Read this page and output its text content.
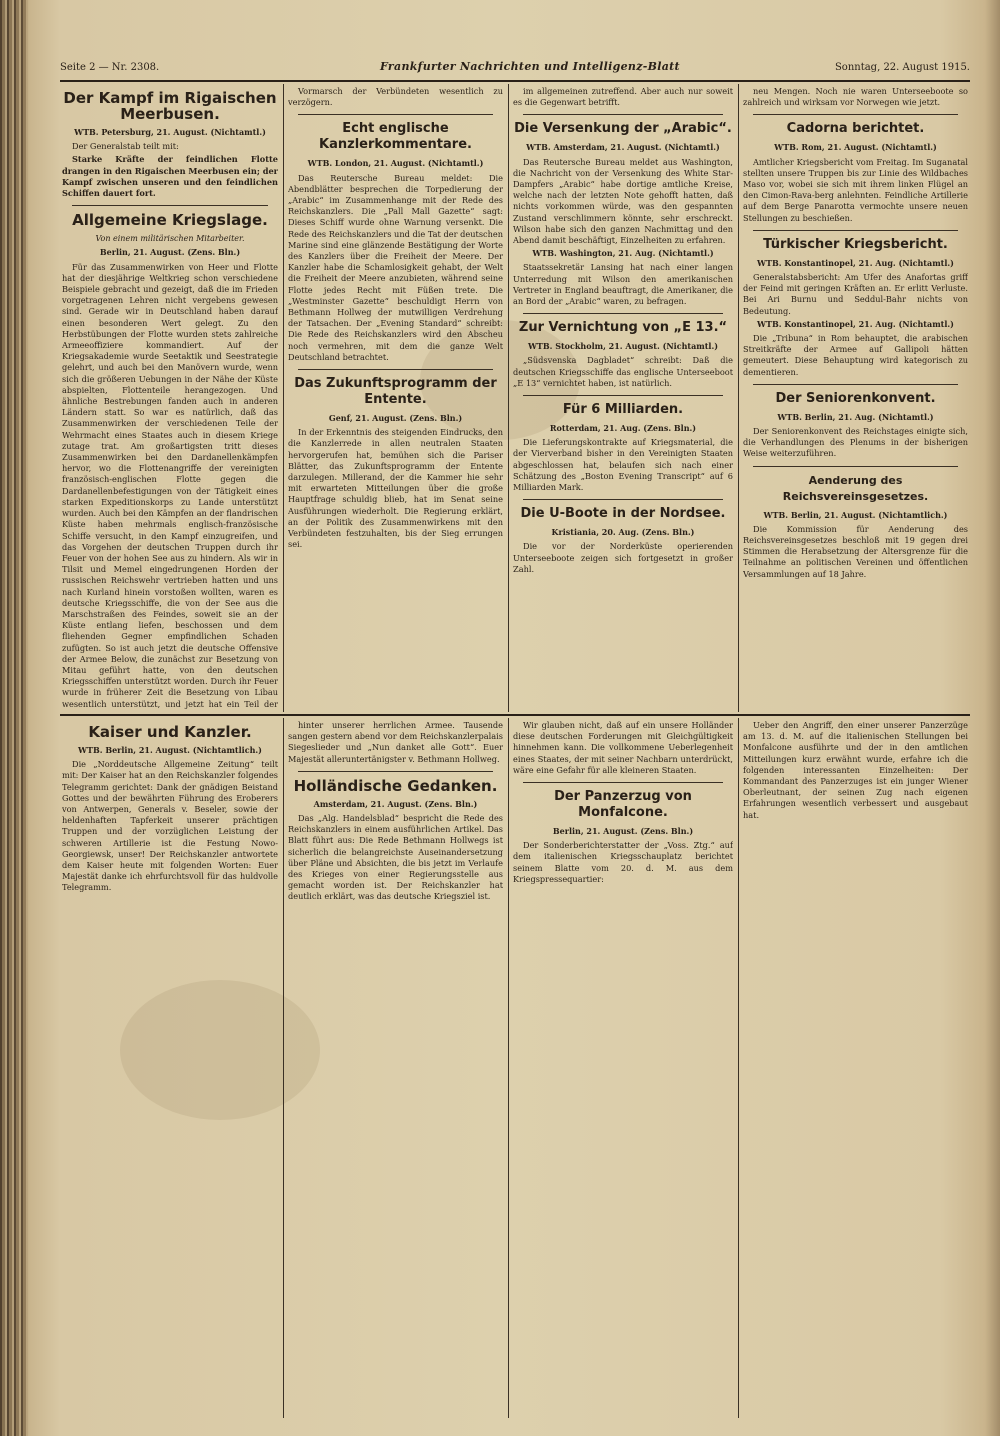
Seite 2 — Nr. 2308.	Frankfurter Nachrichten und Intelligenz-Blatt	Sonntag, 22. August 1915.
Der Kampf im Rigaischen Meerbusen.
WTB. Petersburg, 21. August. (Nichtamtl.)

Der Generalstab teilt mit:

Starke Kräfte der feindlichen Flotte drangen in den Rigaischen Meerbusen ein; der Kampf zwischen unseren und den feindlichen Schiffen dauert fort.

Allgemeine Kriegslage.
Von einem militärischen Mitarbeiter.
Berlin, 21. August. (Zens. Bln.)

Für das Zusammenwirken von Heer und Flotte hat der diesjährige Weltkrieg schon verschiedene Beispiele gebracht und gezeigt, daß die im Frieden vorgetragenen Lehren nicht vergebens gewesen sind. Gerade wir in Deutschland haben darauf einen besonderen Wert gelegt. Zu den Herbstübungen der Flotte wurden stets zahlreiche Armeeoffiziere kommandiert. Auf der Kriegsakademie wurde Seetaktik und Seestrategie gelehrt, und auch bei den Manövern wurde, wenn sich die größeren Uebungen in der Nähe der Küste abspielten, Flottenteile herangezogen. Und ähnliche Bestrebungen fanden auch in anderen Ländern statt. So war es natürlich, daß das Zusammenwirken der verschiedenen Teile der Wehrmacht eines Staates auch in diesem Kriege zutage trat. Am großartigsten tritt dieses Zusammenwirken bei den Dardanellenkämpfen hervor, wo die Flottenangriffe der vereinigten französisch-englischen Flotte gegen die Dardanellenbefestigungen von der Tätigkeit eines starken Expeditionskorps zu Lande unterstützt wurden. Auch bei den Kämpfen an der flandrischen Küste haben mehrmals englisch-französische Schiffe versucht, in den Kampf einzugreifen, und das Vorgehen der deutschen Truppen durch ihr Feuer von der hohen See aus zu hindern. Als wir in Tilsit und Memel eingedrungenen Horden der russischen Reichswehr vertrieben hatten und uns nach Kurland hinein vorstoßen wollten, waren es deutsche Kriegsschiffe, die von der See aus die Marschstraßen des Feindes, soweit sie an der Küste entlang liefen, beschossen und dem fliehenden Gegner empfindlichen Schaden zufügten. So ist auch jetzt die deutsche Offensive der Armee Below, die zunächst zur Besetzung von Mitau geführt hatte, von den deutschen Kriegsschiffen unterstützt worden. Durch ihr Feuer wurde in früherer Zeit die Besetzung von Libau wesentlich unterstützt, und jetzt hat ein Teil der

Vormarsch der Verbündeten wesentlich zu verzögern.

Echt englische Kanzlerkommentare.
WTB. London, 21. August. (Nichtamtl.)

Das Reutersche Bureau meldet: Die Abendblätter besprechen die Torpedierung der „Arabic“ im Zusammenhange mit der Rede des Reichskanzlers. Die „Pall Mall Gazette“ sagt: Dieses Schiff wurde ohne Warnung versenkt. Die Rede des Reichskanzlers und die Tat der deutschen Marine sind eine glänzende Bestätigung der Worte des Kanzlers über die Freiheit der Meere. Der Kanzler habe die Schamlosigkeit gehabt, der Welt die Freiheit der Meere anzubieten, während seine Flotte jedes Recht mit Füßen trete. Die „Westminster Gazette“ beschuldigt Herrn von Bethmann Hollweg der mutwilligen Verdrehung der Tatsachen. Der „Evening Standard“ schreibt: Die Rede des Reichskanzlers wird den Abscheu noch vermehren, mit dem die ganze Welt Deutschland betrachtet.

Das Zukunftsprogramm der Entente.
Genf, 21. August. (Zens. Bln.)

In der Erkenntnis des steigenden Eindrucks, den die Kanzlerrede in allen neutralen Staaten hervorgerufen hat, bemühen sich die Pariser Blätter, das Zukunftsprogramm der Entente darzulegen. Millerand, der die Kammer hie sehr mit erwarteten Mitteilungen über die große Hauptfrage schuldig blieb, hat im Senat seine Ausführungen wiederholt. Die Regierung erklärt, an der Politik des Zusammenwirkens mit den Verbündeten festzuhalten, bis der Sieg errungen sei.

im allgemeinen zutreffend. Aber auch nur soweit es die Gegenwart betrifft.

Die Versenkung der „Arabic“.
WTB. Amsterdam, 21. August. (Nichtamtl.)

Das Reutersche Bureau meldet aus Washington, die Nachricht von der Versenkung des White Star-Dampfers „Arabic“ habe dortige amtliche Kreise, welche nach der letzten Note gehofft hatten, daß nichts vorkommen würde, was den gespannten Zustand verschlimmern könnte, sehr erschreckt. Wilson habe sich den ganzen Nachmittag und den Abend damit beschäftigt, Einzelheiten zu erfahren.

WTB. Washington, 21. Aug. (Nichtamtl.)

Staatssekretär Lansing hat nach einer langen Unterredung mit Wilson den amerikanischen Vertreter in England beauftragt, die Amerikaner, die an Bord der „Arabic“ waren, zu befragen.

Zur Vernichtung von „E 13.“
WTB. Stockholm, 21. August. (Nichtamtl.)

„Südsvenska Dagbladet“ schreibt: Daß die deutschen Kriegsschiffe das englische Unterseeboot „E 13“ vernichtet haben, ist natürlich.

Für 6 Milliarden.
Rotterdam, 21. Aug. (Zens. Bln.)

Die Lieferungskontrakte auf Kriegsmaterial, die der Vierverband bisher in den Vereinigten Staaten abgeschlossen hat, belaufen sich nach einer Schätzung des „Boston Evening Transcript“ auf 6 Milliarden Mark.

Die U-Boote in der Nordsee.
Kristiania, 20. Aug. (Zens. Bln.)

Die vor der Norderküste operierenden Unterseeboote zeigen sich fortgesetzt in großer Zahl.

neu Mengen. Noch nie waren Unterseeboote so zahlreich und wirksam vor Norwegen wie jetzt.

Cadorna berichtet.
WTB. Rom, 21. August. (Nichtamtl.)

Amtlicher Kriegsbericht vom Freitag. Im Suganatal stellten unsere Truppen bis zur Linie des Wildbaches Maso vor, wobei sie sich mit ihrem linken Flügel an den Cimon-Rava-berg anlehnten. Feindliche Artillerie auf dem Berge Panarotta vermochte unsere neuen Stellungen zu beschießen.

Türkischer Kriegsbericht.
WTB. Konstantinopel, 21. Aug. (Nichtamtl.)

Generalstabsbericht: Am Ufer des Anafortas griff der Feind mit geringen Kräften an. Er erlitt Verluste. Bei Ari Burnu und Seddul-Bahr nichts von Bedeutung.

WTB. Konstantinopel, 21. Aug. (Nichtamtl.)

Die „Tribuna“ in Rom behauptet, die arabischen Streitkräfte der Armee auf Gallipoli hätten gemeutert. Diese Behauptung wird kategorisch zu dementieren.

Der Seniorenkonvent.
WTB. Berlin, 21. Aug. (Nichtamtl.)

Der Seniorenkonvent des Reichstages einigte sich, die Verhandlungen des Plenums in der bisherigen Weise weiterzuführen.

Aenderung des Reichsvereinsgesetzes.
WTB. Berlin, 21. August. (Nichtamtlich.)

Die Kommission für Aenderung des Reichsvereinsgesetzes beschloß mit 19 gegen drei Stimmen die Herabsetzung der Altersgrenze für die Teilnahme an politischen Vereinen und öffentlichen Versammlungen auf 18 Jahre.

Kaiser und Kanzler.
WTB. Berlin, 21. August. (Nichtamtlich.)

Die „Norddeutsche Allgemeine Zeitung“ teilt mit: Der Kaiser hat an den Reichskanzler folgendes Telegramm gerichtet: Dank der gnädigen Beistand Gottes und der bewährten Führung des Eroberers von Antwerpen, Generals v. Beseler, sowie der heldenhaften Tapferkeit unserer prächtigen Truppen und der vorzüglichen Leistung der schweren Artillerie ist die Festung Nowo-Georgiewsk, unser! Der Reichskanzler antwortete dem Kaiser heute mit folgenden Worten: Euer Majestät danke ich ehrfurchtsvoll für das huldvolle Telegramm.

hinter unserer herrlichen Armee. Tausende sangen gestern abend vor dem Reichskanzlerpalais Siegeslieder und „Nun danket alle Gott“. Euer Majestät alleruntertänigster v. Bethmann Hollweg.

Holländische Gedanken.
Amsterdam, 21. August. (Zens. Bln.)

Das „Alg. Handelsblad“ bespricht die Rede des Reichskanzlers in einem ausführlichen Artikel. Das Blatt führt aus: Die Rede Bethmann Hollwegs ist sicherlich die belangreichste Auseinandersetzung über Pläne und Absichten, die bis jetzt im Verlaufe des Krieges von einer Regierungsstelle aus gemacht worden ist. Der Reichskanzler hat deutlich erklärt, was das deutsche Kriegsziel ist.

Wir glauben nicht, daß auf ein unsere Holländer diese deutschen Forderungen mit Gleichgültigkeit hinnehmen kann. Die vollkommene Ueberlegenheit eines Staates, der mit seiner Nachbarn unterdrückt, wäre eine Gefahr für alle kleineren Staaten.

Der Panzerzug von Monfalcone.
Berlin, 21. August. (Zens. Bln.)

Der Sonderberichterstatter der „Voss. Ztg.“ auf dem italienischen Kriegsschauplatz berichtet seinem Blatte vom 20. d. M. aus dem Kriegspressequartier:

Ueber den Angriff, den einer unserer Panzerzüge am 13. d. M. auf die italienischen Stellungen bei Monfalcone ausführte und der in den amtlichen Mitteilungen kurz erwähnt wurde, erfahre ich die folgenden interessanten Einzelheiten: Der Kommandant des Panzerzuges ist ein junger Wiener Oberleutnant, der seinen Zug nach eigenen Erfahrungen wesentlich verbessert und ausgebaut hat.
